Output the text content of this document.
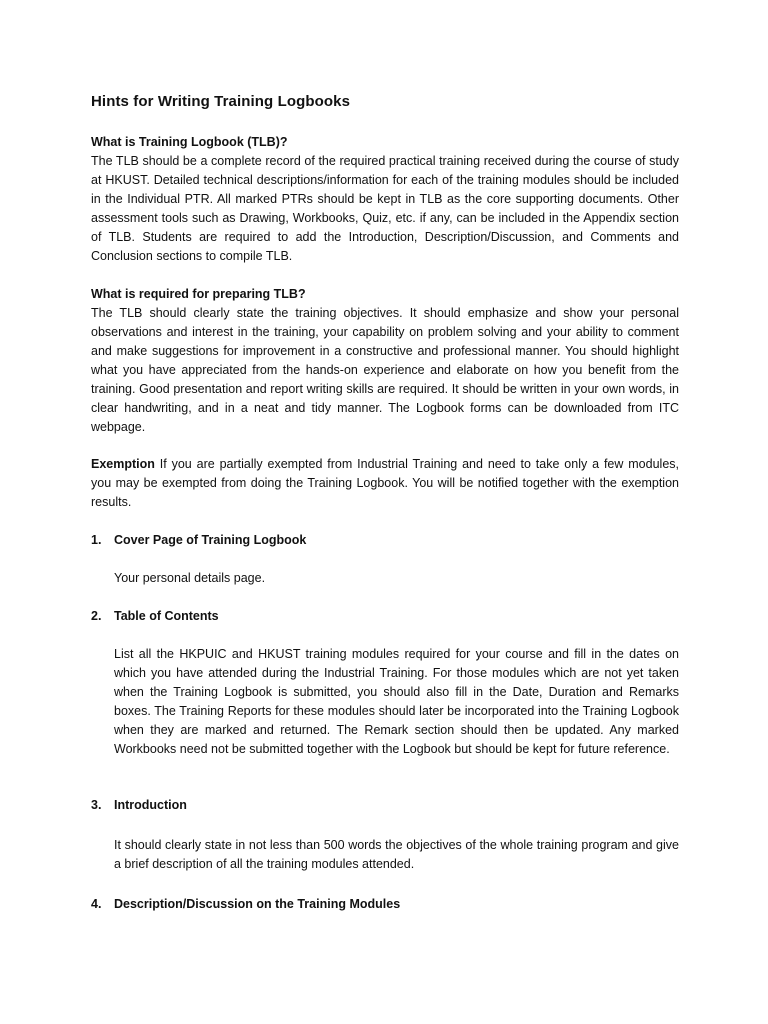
Hints for Writing Training Logbooks
What is Training Logbook (TLB)?
The TLB should be a complete record of the required practical training received during the course of study at HKUST. Detailed technical descriptions/information for each of the training modules should be included in the Individual PTR. All marked PTRs should be kept in TLB as the core supporting documents. Other assessment tools such as Drawing, Workbooks, Quiz, etc. if any, can be included in the Appendix section of TLB. Students are required to add the Introduction, Description/Discussion, and Comments and Conclusion sections to compile TLB.
What is required for preparing TLB?
The TLB should clearly state the training objectives. It should emphasize and show your personal observations and interest in the training, your capability on problem solving and your ability to comment and make suggestions for improvement in a constructive and professional manner. You should highlight what you have appreciated from the hands-on experience and elaborate on how you benefit from the training. Good presentation and report writing skills are required. It should be written in your own words, in clear handwriting, and in a neat and tidy manner. The Logbook forms can be downloaded from ITC webpage.
Exemption If you are partially exempted from Industrial Training and need to take only a few modules, you may be exempted from doing the Training Logbook. You will be notified together with the exemption results.
1.	Cover Page of Training Logbook
Your personal details page.
2.	Table of Contents
List all the HKPUIC and HKUST training modules required for your course and fill in the dates on which you have attended during the Industrial Training. For those modules which are not yet taken when the Training Logbook is submitted, you should also fill in the Date, Duration and Remarks boxes. The Training Reports for these modules should later be incorporated into the Training Logbook when they are marked and returned. The Remark section should then be updated. Any marked Workbooks need not be submitted together with the Logbook but should be kept for future reference.
3.	Introduction
It should clearly state in not less than 500 words the objectives of the whole training program and give a brief description of all the training modules attended.
4.	Description/Discussion on the Training Modules
